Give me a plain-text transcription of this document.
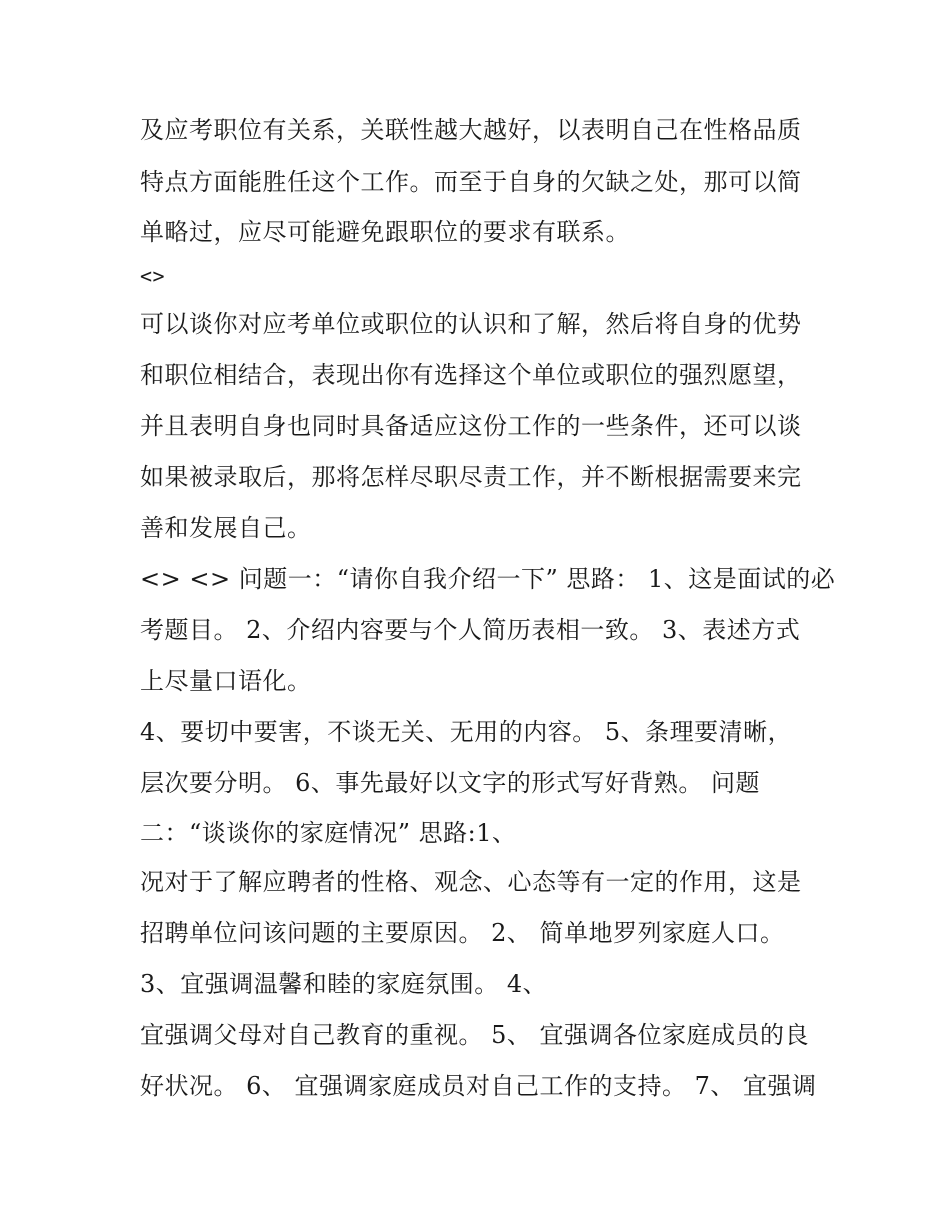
及应考职位有关系，关联性越大越好，以表明自己在性格品质
特点方面能胜任这个工作。而至于自身的欠缺之处，那可以简
单略过，应尽可能避免跟职位的要求有联系。
<>
可以谈你对应考单位或职位的认识和了解，然后将自身的优势
和职位相结合，表现出你有选择这个单位或职位的强烈愿望，
并且表明自身也同时具备适应这份工作的一些条件，还可以谈
如果被录取后，那将怎样尽职尽责工作，并不断根据需要来完
善和发展自己。
<> <> 问题一：“请你自我介绍一下” 思路： 1、这是面试的必
考题目。 2、介绍内容要与个人简历表相一致。 3、表述方式
上尽量口语化。
4、要切中要害，不谈无关、无用的内容。 5、条理要清晰，
层次要分明。 6、事先最好以文字的形式写好背熟。 问题
二：“谈谈你的家庭情况” 思路:1、
况对于了解应聘者的性格、观念、心态等有一定的作用，这是
招聘单位问该问题的主要原因。 2、 简单地罗列家庭人口。
3、宜强调温馨和睦的家庭氛围。 4、
宜强调父母对自己教育的重视。 5、 宜强调各位家庭成员的良
好状况。 6、 宜强调家庭成员对自己工作的支持。 7、 宜强调
